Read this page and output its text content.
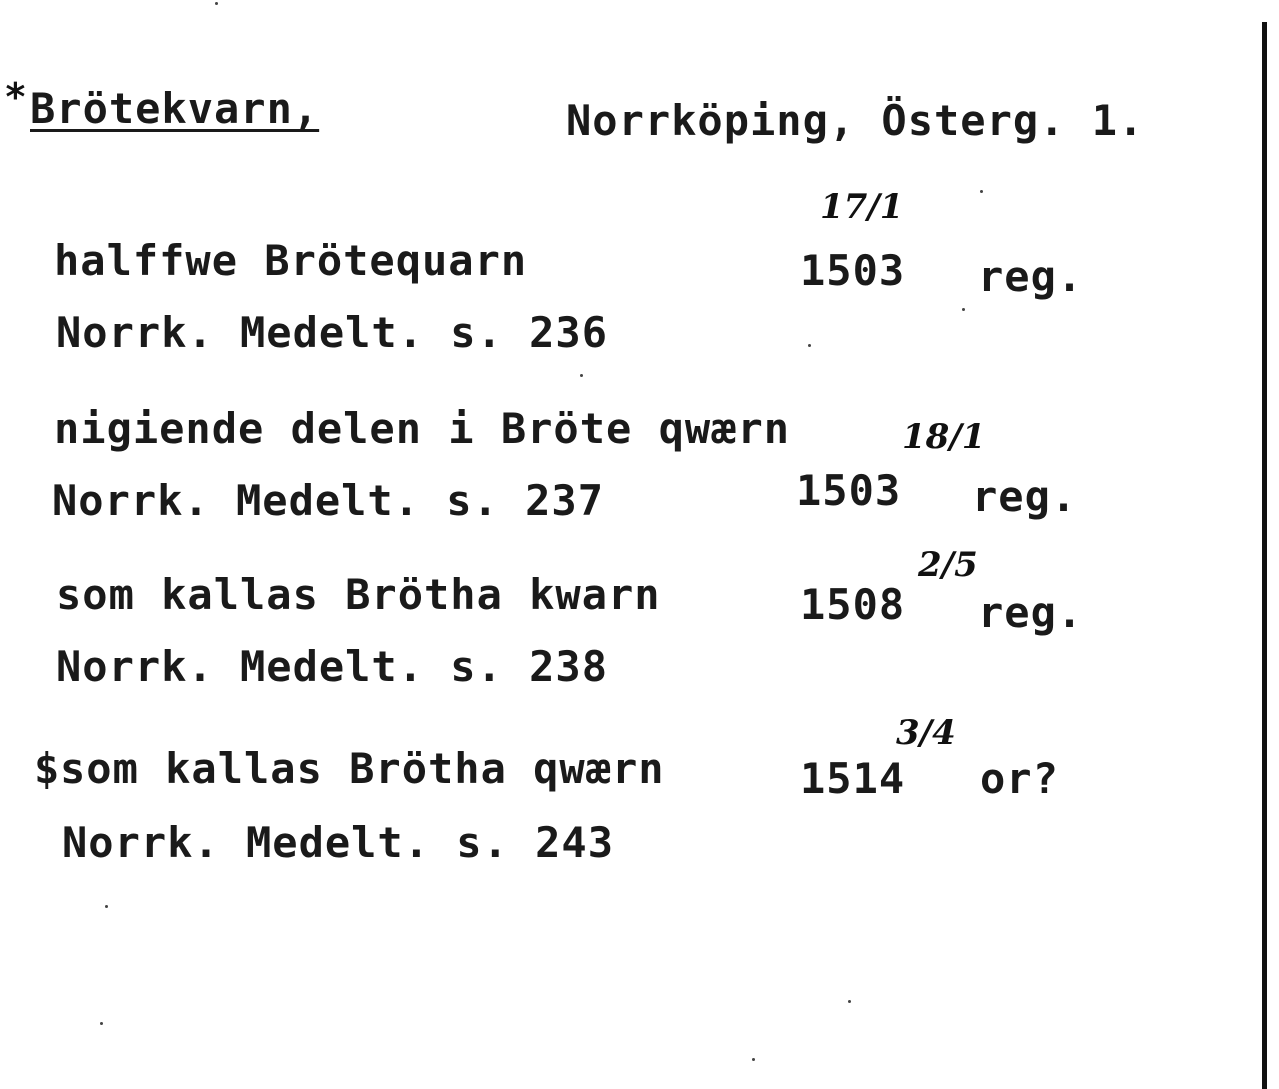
* Brötekvarn,	Norrköping, Österg. 1.
halffwe Brötequarn
17/1
1503 reg.
Norrk. Medelt. s. 236
nigiende delen i Bröte qwærn	18/1
1503 reg.
Norrk. Medelt. s. 237
som kallas Brötha kwarn
2/5
1508 reg.
Norrk. Medelt. s. 238
$ som kallas Brötha qwærn
3/4
1514 or?
Norrk. Medelt. s. 243
